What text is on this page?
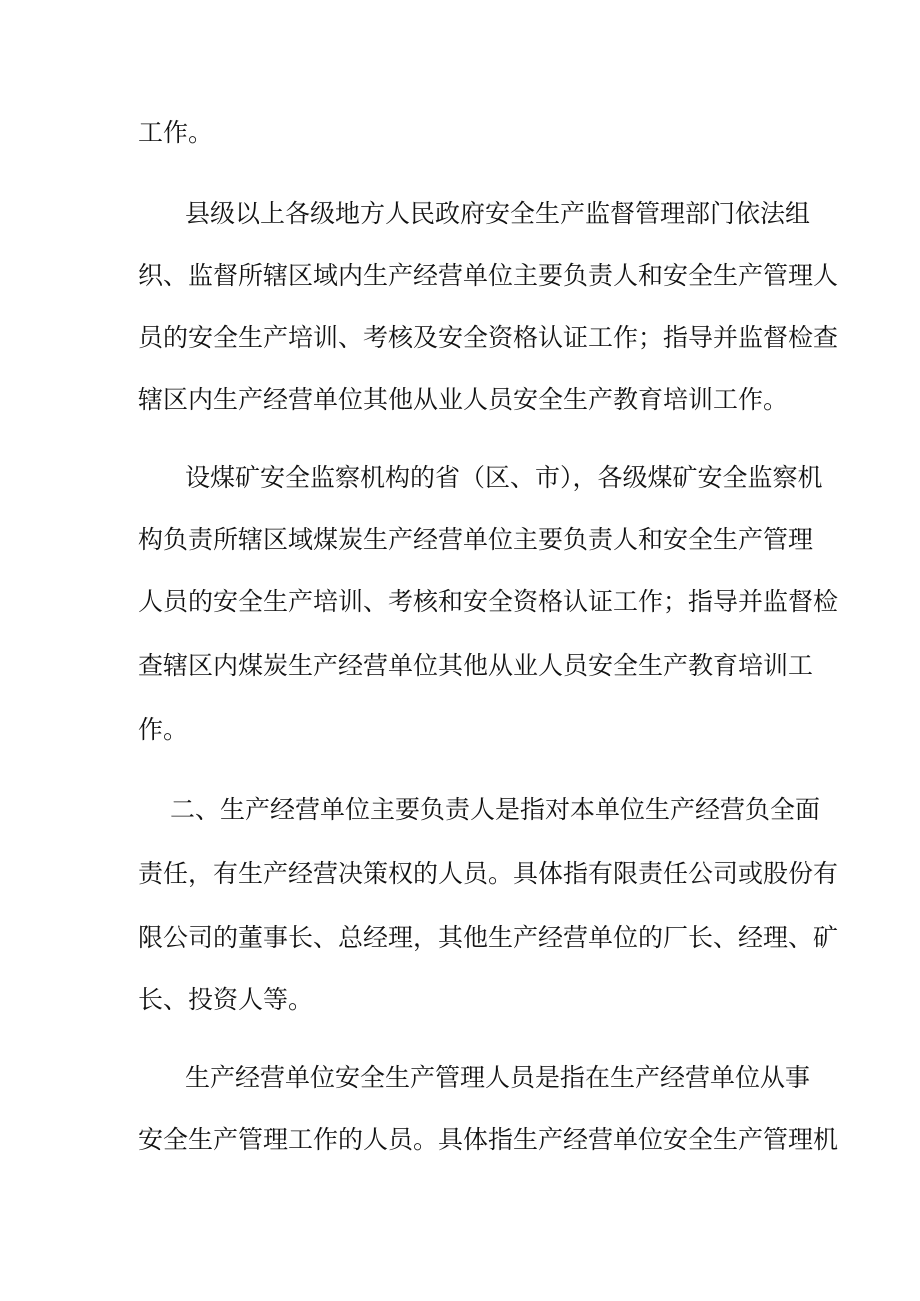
工作。
县级以上各级地方人民政府安全生产监督管理部门依法组
织、监督所辖区域内生产经营单位主要负责人和安全生产管理人
员的安全生产培训、考核及安全资格认证工作；指导并监督检查
辖区内生产经营单位其他从业人员安全生产教育培训工作。
设煤矿安全监察机构的省（区、市），各级煤矿安全监察机
构负责所辖区域煤炭生产经营单位主要负责人和安全生产管理
人员的安全生产培训、考核和安全资格认证工作；指导并监督检
查辖区内煤炭生产经营单位其他从业人员安全生产教育培训工
作。
二、生产经营单位主要负责人是指对本单位生产经营负全面
责任，有生产经营决策权的人员。具体指有限责任公司或股份有
限公司的董事长、总经理，其他生产经营单位的厂长、经理、矿
长、投资人等。
生产经营单位安全生产管理人员是指在生产经营单位从事
安全生产管理工作的人员。具体指生产经营单位安全生产管理机
